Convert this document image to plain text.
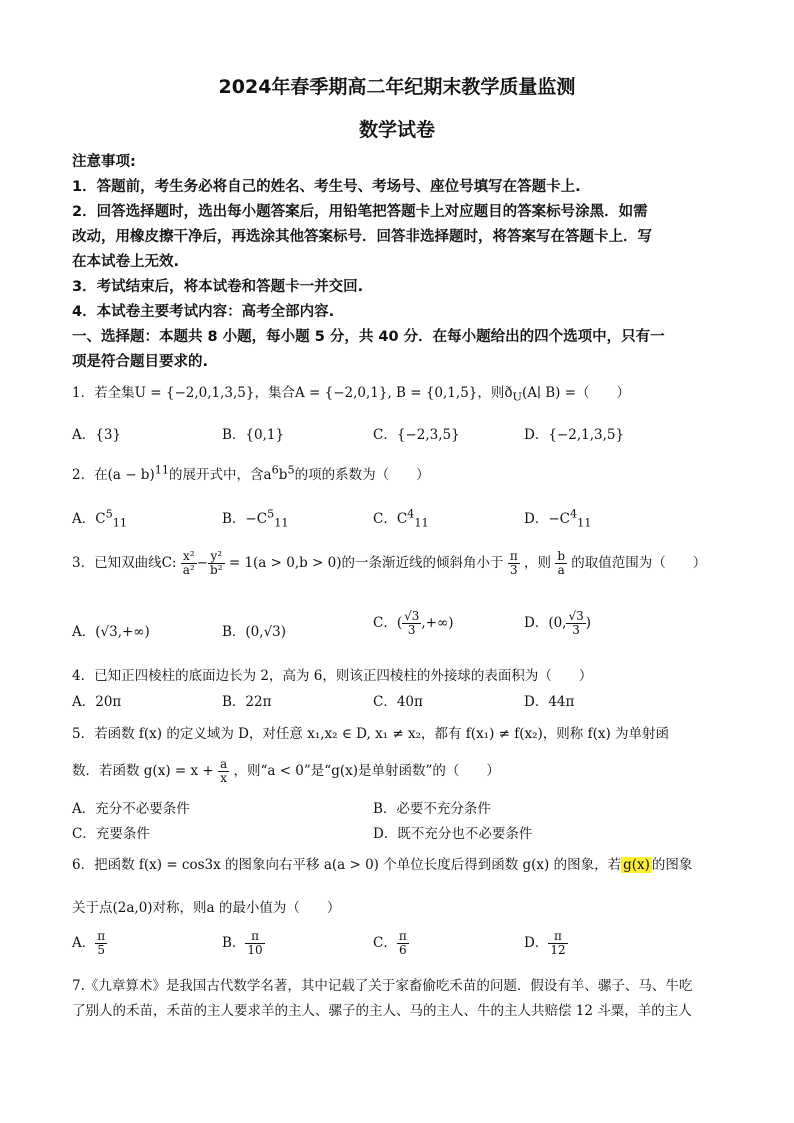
2024年春季期高二年纪期末教学质量监测
数学试卷
注意事项:
1．答题前，考生务必将自己的姓名、考生号、考场号、座位号填写在答题卡上.
2．回答选择题时，选出每小题答案后，用铅笔把答题卡上对应题目的答案标号涂黑．如需
改动，用橡皮擦干净后，再选涂其他答案标号．回答非选择题时，将答案写在答题卡上．写
在本试卷上无效.
3．考试结束后，将本试卷和答题卡一并交回.
4．本试卷主要考试内容：高考全部内容.
一、选择题：本题共 8 小题，每小题 5 分，共 40 分．在每小题给出的四个选项中，只有一
项是符合题目要求的.
1．若全集U = {−2,0,1,3,5}，集合A = {−2,0,1}, B = {0,1,5}，则$ð_U(A∣$ B) =（　　）
A．{3}	B．{0,1}	C．{−2,3,5}	D．{−2,1,3,5}
2．在$(a - b)^{11}$的展开式中，含$a^6b^5$的项的系数为（　　）
A．$C^5_{11}$	B．$-C^5_{11}$	C．$C^4_{11}$	D．$-C^4_{11}$
3．已知双曲线C: $\frac{\text{x²}}{\text{a²}} - \frac{\text{y²}}{\text{b²}} = 1(a > 0,b > 0)$的一条渐近线的倾斜角小于 $\frac{\pi}{3}$ ，则 $\frac{b}{a}$ 的取值范围为（　　）
A．(√3,+∞)	B．(0,√3)
C．( $\frac{√3}{3}$ ,+∞)	D．(0, $\frac{√3}{3}$ )
4．已知正四棱柱的底面边长为 2，高为 6，则该正四棱柱的外接球的表面积为（　　）
A．20π	B．22π	C．40π	D．44π
5．若函数 f(x) 的定义域为 D，对任意 x₁,x₂ ∈ D, x₁ ≠ x₂，都有 f(x₁) ≠ f(x₂)，则称 f(x) 为单射函
数．若函数 $g(x) = x + \frac{a}{x}$ ，则“a < 0”是“g(x)是单射函数”的（　　）
A．充分不必要条件	B．必要不充分条件
C．充要条件	D．既不充分也不必要条件
6．把函数 f(x) = cos3x 的图象向右平移 a(a > 0) 个单位长度后得到函数 g(x) 的图象，若 g(x) 的图象
关于点(2a,0)对称，则a 的最小值为（　　）
A． $\frac{\pi}{5}$	B． $\frac{\pi}{10}$	C． $\frac{\pi}{6}$	D． $\frac{\pi}{12}$
7.《九章算术》是我国古代数学名著，其中记载了关于家畜偷吃禾苗的问题．假设有羊、骡子、马、牛吃
了别人的禾苗，禾苗的主人要求羊的主人、骡子的主人、马的主人、牛的主人共赔偿 12 斗粟，羊的主人
